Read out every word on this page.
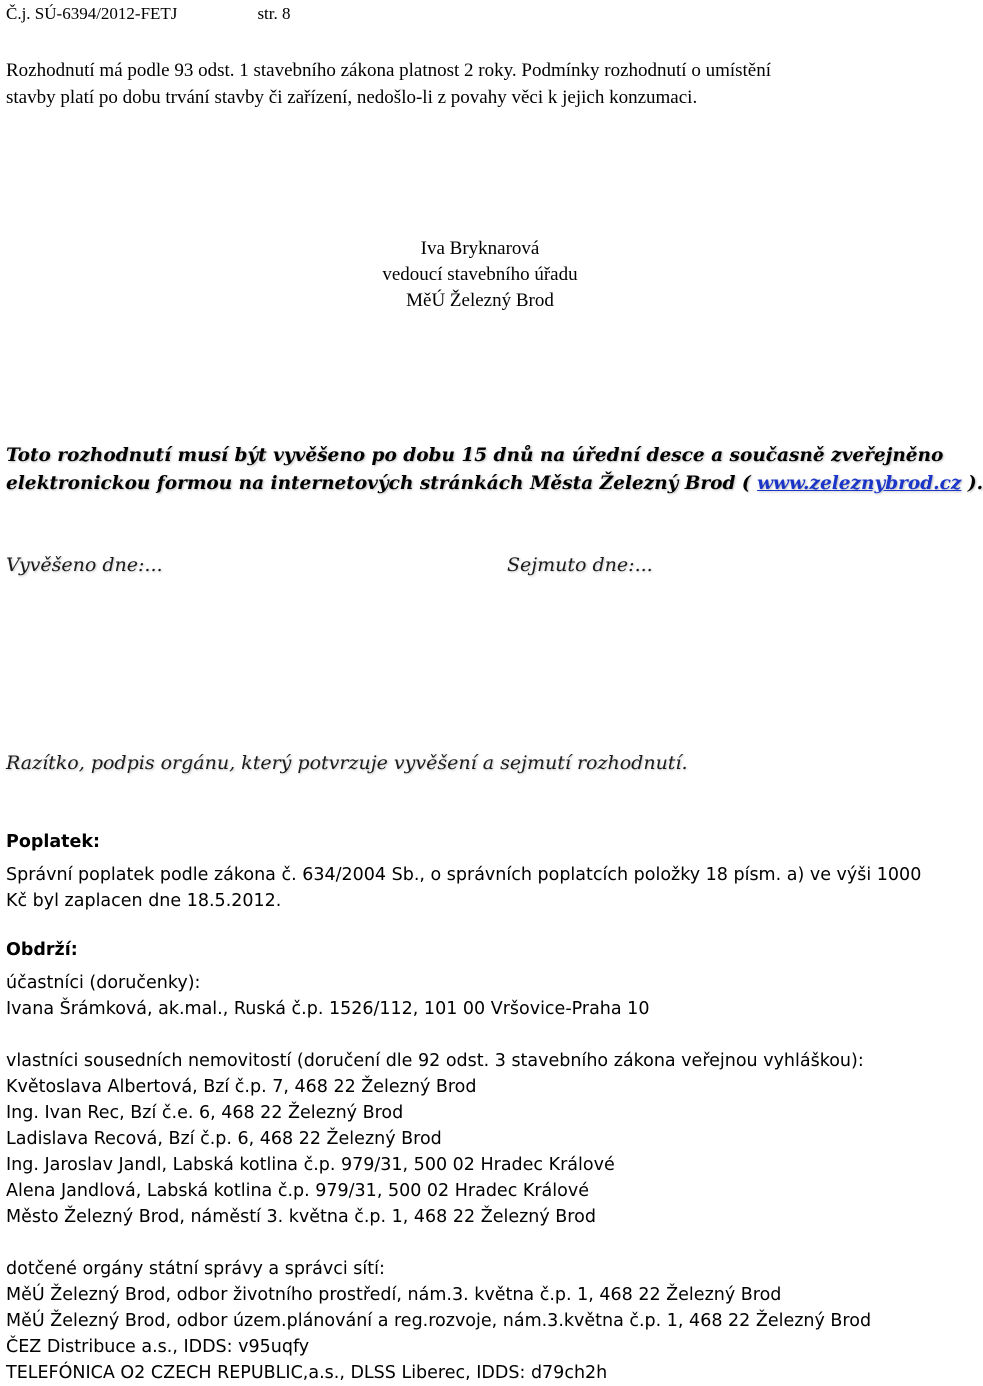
Č.j. SÚ-6394/2012-FETJ	str. 8
Rozhodnutí má podle 93 odst. 1 stavebního zákona platnost 2 roky. Podmínky rozhodnutí o umístění
stavby platí po dobu trvání stavby či zařízení, nedošlo-li z povahy věci k jejich konzumaci.
Iva Bryknarová
vedoucí stavebního úřadu
MěÚ Železný Brod
Toto rozhodnutí musí být vyvěšeno po dobu 15 dnů na úřední desce a současně zveřejněno
elektronickou formou na internetových stránkách Města Železný Brod ( www.zeleznybrod.cz ).
Vyvěšeno dne:...	Sejmuto dne:...
Razítko, podpis orgánu, který potvrzuje vyvěšení a sejmutí rozhodnutí.
Poplatek:
Správní poplatek podle zákona č. 634/2004 Sb., o správních poplatcích položky 18 písm. a) ve výši 1000
Kč byl zaplacen dne 18.5.2012.
Obdrží:
účastníci (doručenky):
Ivana Šrámková, ak.mal., Ruská č.p. 1526/112, 101 00 Vršovice-Praha 10
vlastníci sousedních nemovitostí (doručení dle 92 odst. 3 stavebního zákona veřejnou vyhláškou):
Květoslava Albertová, Bzí č.p. 7, 468 22 Železný Brod
Ing. Ivan Rec, Bzí č.e. 6, 468 22 Železný Brod
Ladislava Recová, Bzí č.p. 6, 468 22 Železný Brod
Ing. Jaroslav Jandl, Labská kotlina č.p. 979/31, 500 02 Hradec Králové
Alena Jandlová, Labská kotlina č.p. 979/31, 500 02 Hradec Králové
Město Železný Brod, náměstí 3. května č.p. 1, 468 22 Železný Brod
dotčené orgány státní správy a správci sítí:
MěÚ Železný Brod, odbor životního prostředí, nám.3. května č.p. 1, 468 22 Železný Brod
MěÚ Železný Brod, odbor územ.plánování a reg.rozvoje, nám.3.května č.p. 1, 468 22 Železný Brod
ČEZ Distribuce a.s., IDDS: v95uqfy
TELEFÓNICA O2 CZECH REPUBLIC,a.s., DLSS Liberec, IDDS: d79ch2h
